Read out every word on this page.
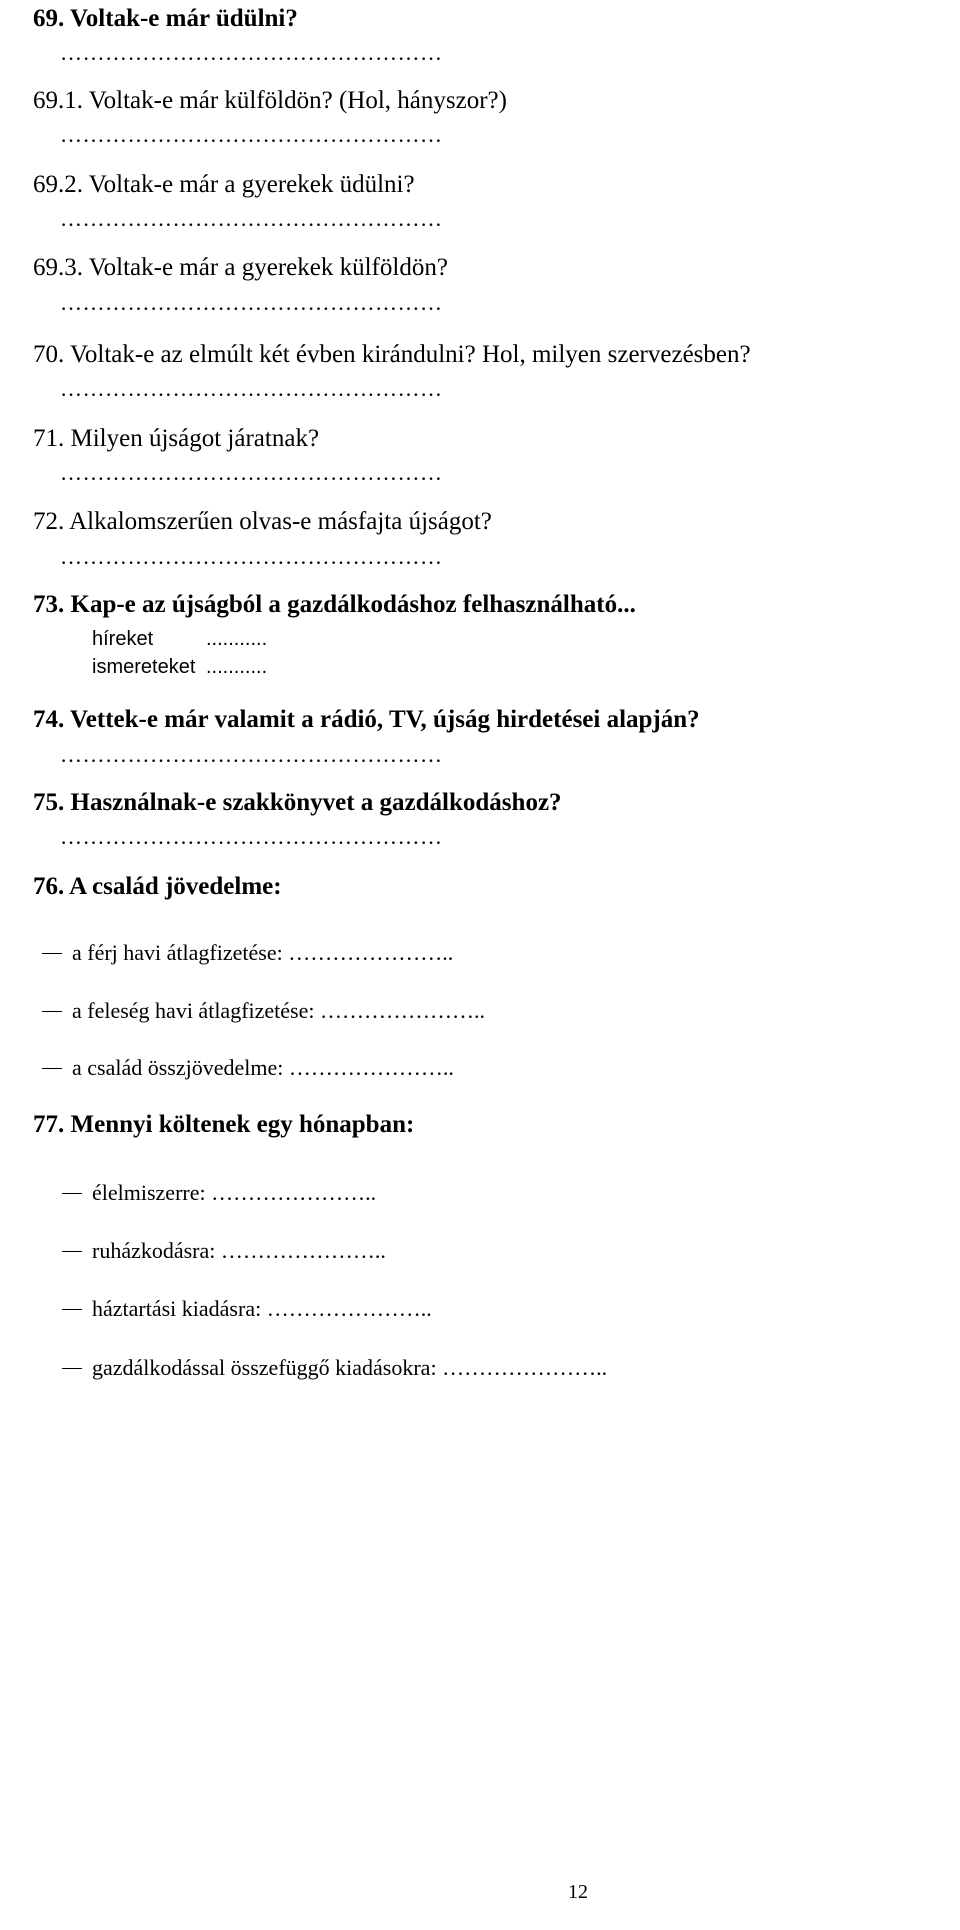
69. Voltak-e már üdülni?
……………………………………………
69.1. Voltak-e már külföldön? (Hol, hányszor?)
……………………………………………
69.2. Voltak-e már a gyerekek üdülni?
……………………………………………
69.3. Voltak-e már a gyerekek külföldön?
……………………………………………
70. Voltak-e az elmúlt két évben kirándulni? Hol, milyen szervezésben?
……………………………………………
71. Milyen újságot járatnak?
……………………………………………
72. Alkalomszerűen olvas-e másfajta újságot?
……………………………………………
73. Kap-e az újságból a gazdálkodáshoz felhasználható...
híreket	...........
ismereteket ...........
74. Vettek-e már valamit a rádió, TV, újság hirdetései alapján?
……………………………………………
75. Használnak-e szakkönyvet a gazdálkodáshoz?
……………………………………………
76. A család jövedelme:
a férj havi átlagfizetése: …………………..
a feleség havi átlagfizetése: …………………..
a család összjövedelme: …………………..
77. Mennyi költenek egy hónapban:
élelmiszerre: …………………..
ruházkodásra: …………………..
háztartási kiadásra: …………………..
gazdálkodással összefüggő kiadásokra: …………………..
12
